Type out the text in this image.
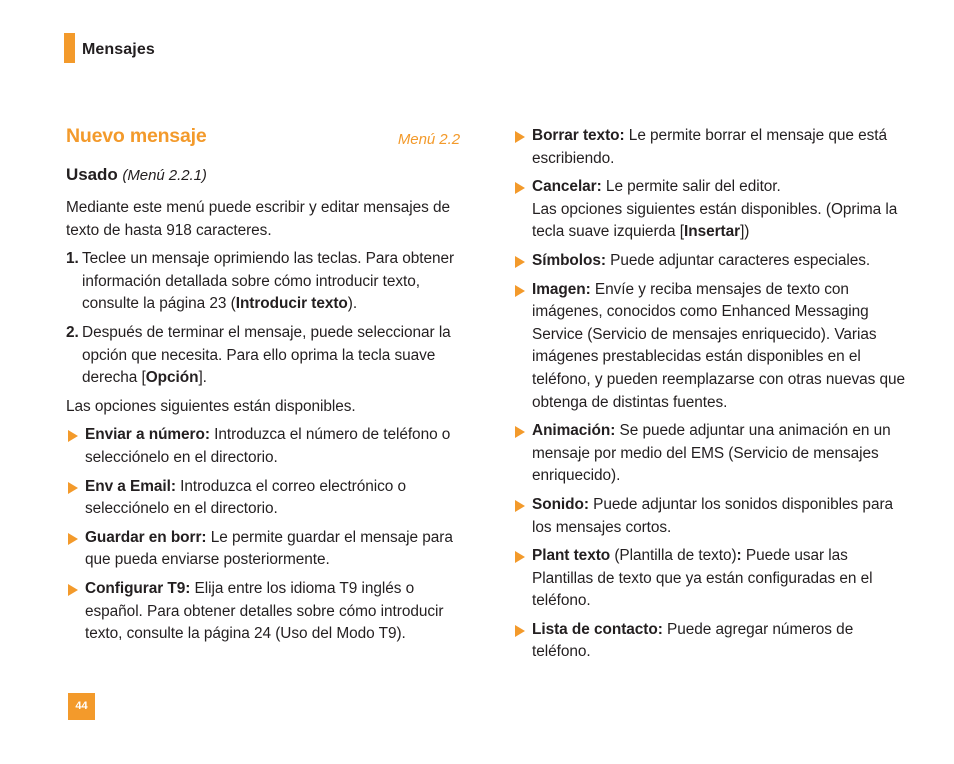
Mensajes
Nuevo mensaje	Menú 2.2
Usado (Menú 2.2.1)

Mediante este menú puede escribir y editar mensajes de texto de hasta 918 caracteres.

1. Teclee un mensaje oprimiendo las teclas. Para obtener información detallada sobre cómo introducir texto, consulte la página 23 (Introducir texto).
2. Después de terminar el mensaje, puede seleccionar la opción que necesita. Para ello oprima la tecla suave derecha [Opción].

Las opciones siguientes están disponibles.

Enviar a número: Introduzca el número de teléfono o selecciónelo en el directorio.
Env a Email: Introduzca el correo electrónico o selecciónelo en el directorio.
Guardar en borr: Le permite guardar el mensaje para que pueda enviarse posteriormente.
Configurar T9: Elija entre los idioma T9 inglés o español. Para obtener detalles sobre cómo introducir texto, consulte la página 24 (Uso del Modo T9).
Borrar texto: Le permite borrar el mensaje que está escribiendo.
Cancelar: Le permite salir del editor.
Las opciones siguientes están disponibles. (Oprima la tecla suave izquierda [Insertar])
Símbolos: Puede adjuntar caracteres especiales.
Imagen: Envíe y reciba mensajes de texto con imágenes, conocidos como Enhanced Messaging Service (Servicio de mensajes enriquecido). Varias imágenes prestablecidas están disponibles en el teléfono, y pueden reemplazarse con otras nuevas que obtenga de distintas fuentes.
Animación: Se puede adjuntar una animación en un mensaje por medio del EMS (Servicio de mensajes enriquecido).
Sonido: Puede adjuntar los sonidos disponibles para los mensajes cortos.
Plant texto (Plantilla de texto): Puede usar las Plantillas de texto que ya están configuradas en el teléfono.
Lista de contacto: Puede agregar números de teléfono.
44
